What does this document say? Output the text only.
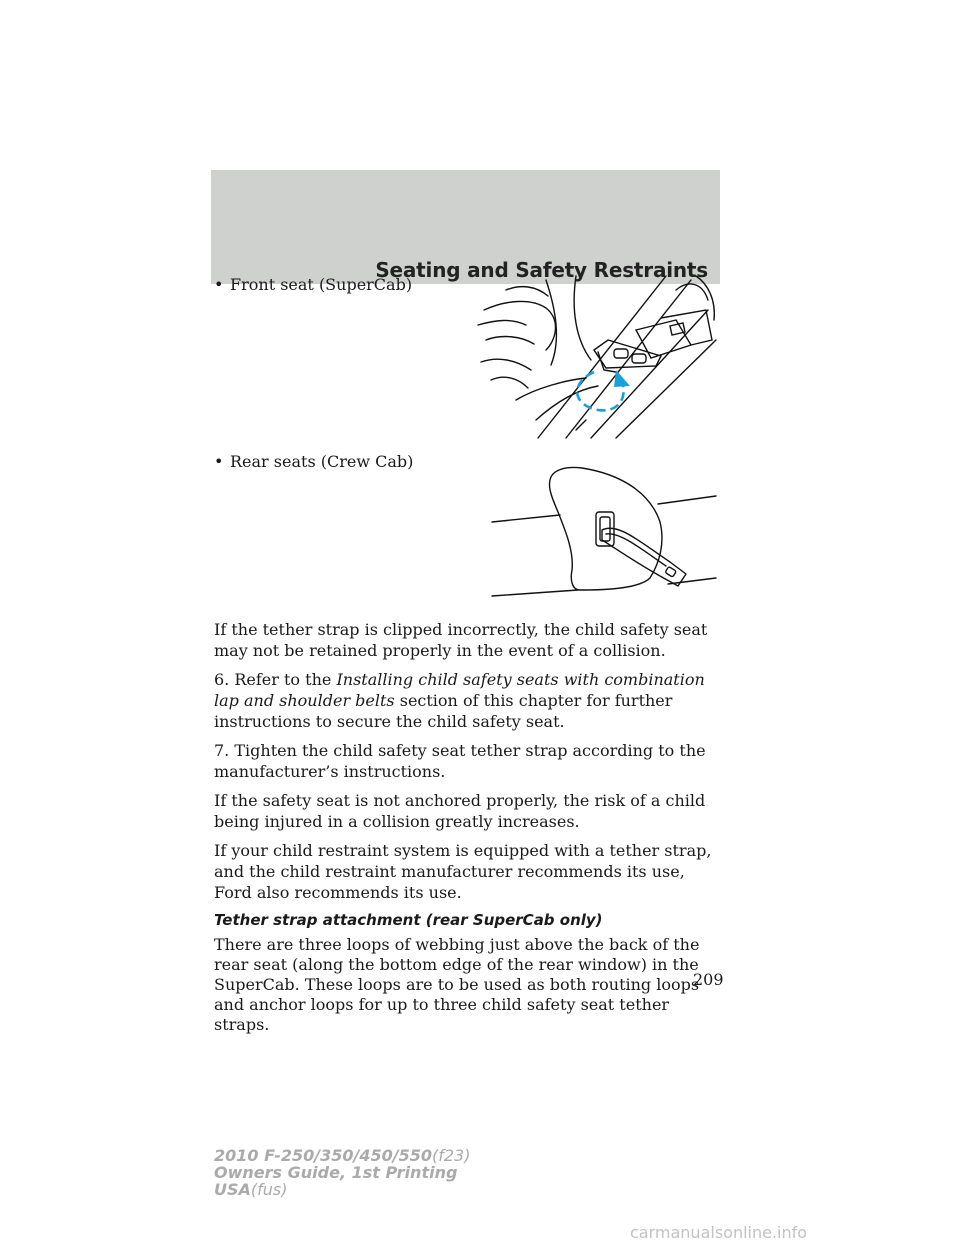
Seating and Safety Restraints
• Front seat (SuperCab)
• Rear seats (Crew Cab)

If the tether strap is clipped incorrectly, the child safety seat may not be retained properly in the event of a collision.

6. Refer to the Installing child safety seats with combination lap and shoulder belts section of this chapter for further instructions to secure the child safety seat.

7. Tighten the child safety seat tether strap according to the manufacturer’s instructions.

If the safety seat is not anchored properly, the risk of a child being injured in a collision greatly increases.

If your child restraint system is equipped with a tether strap, and the child restraint manufacturer recommends its use, Ford also recommends its use.

Tether strap attachment (rear SuperCab only)

There are three loops of webbing just above the back of the rear seat (along the bottom edge of the rear window) in the SuperCab. These loops are to be used as both routing loops and anchor loops for up to three child safety seat tether straps.

209
2010 F-250/350/450/550(f23)
Owners Guide, 1st Printing
USA(fus)
carmanualsonline.info
